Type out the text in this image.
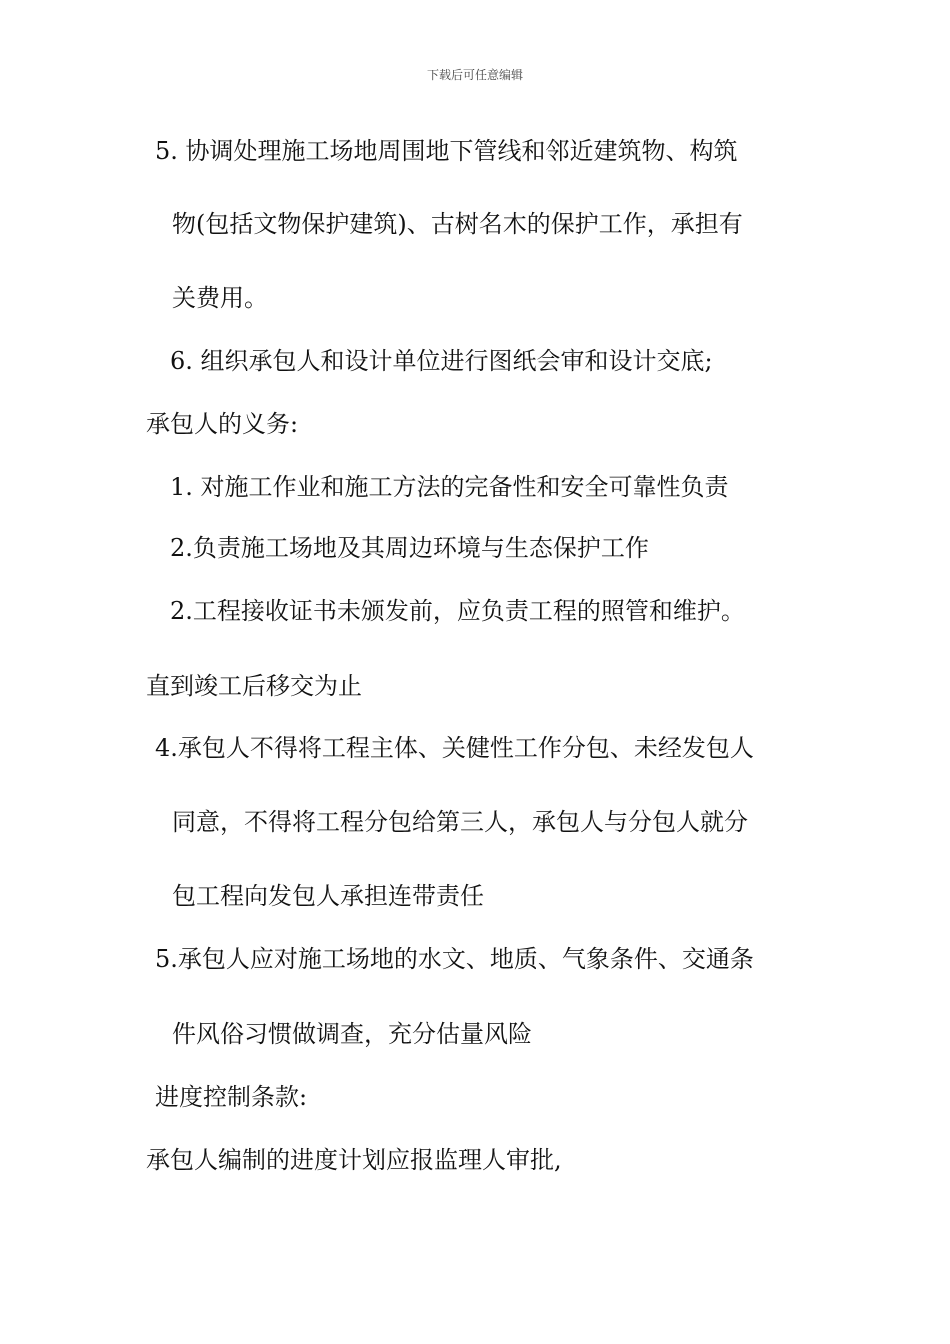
下载后可任意编辑
5. 协调处理施工场地周围地下管线和邻近建筑物、构筑
物(包括文物保护建筑)、古树名木的保护工作，承担有
关费用。
6. 组织承包人和设计单位进行图纸会审和设计交底;
承包人的义务:
1. 对施工作业和施工方法的完备性和安全可靠性负责
2.负责施工场地及其周边环境与生态保护工作
2.工程接收证书未颁发前，应负责工程的照管和维护。
直到竣工后移交为止
4.承包人不得将工程主体、关健性工作分包、未经发包人
同意，不得将工程分包给第三人，承包人与分包人就分
包工程向发包人承担连带责任
5.承包人应对施工场地的水文、地质、气象条件、交通条
件风俗习惯做调查，充分估量风险
进度控制条款:
承包人编制的进度计划应报监理人审批,
